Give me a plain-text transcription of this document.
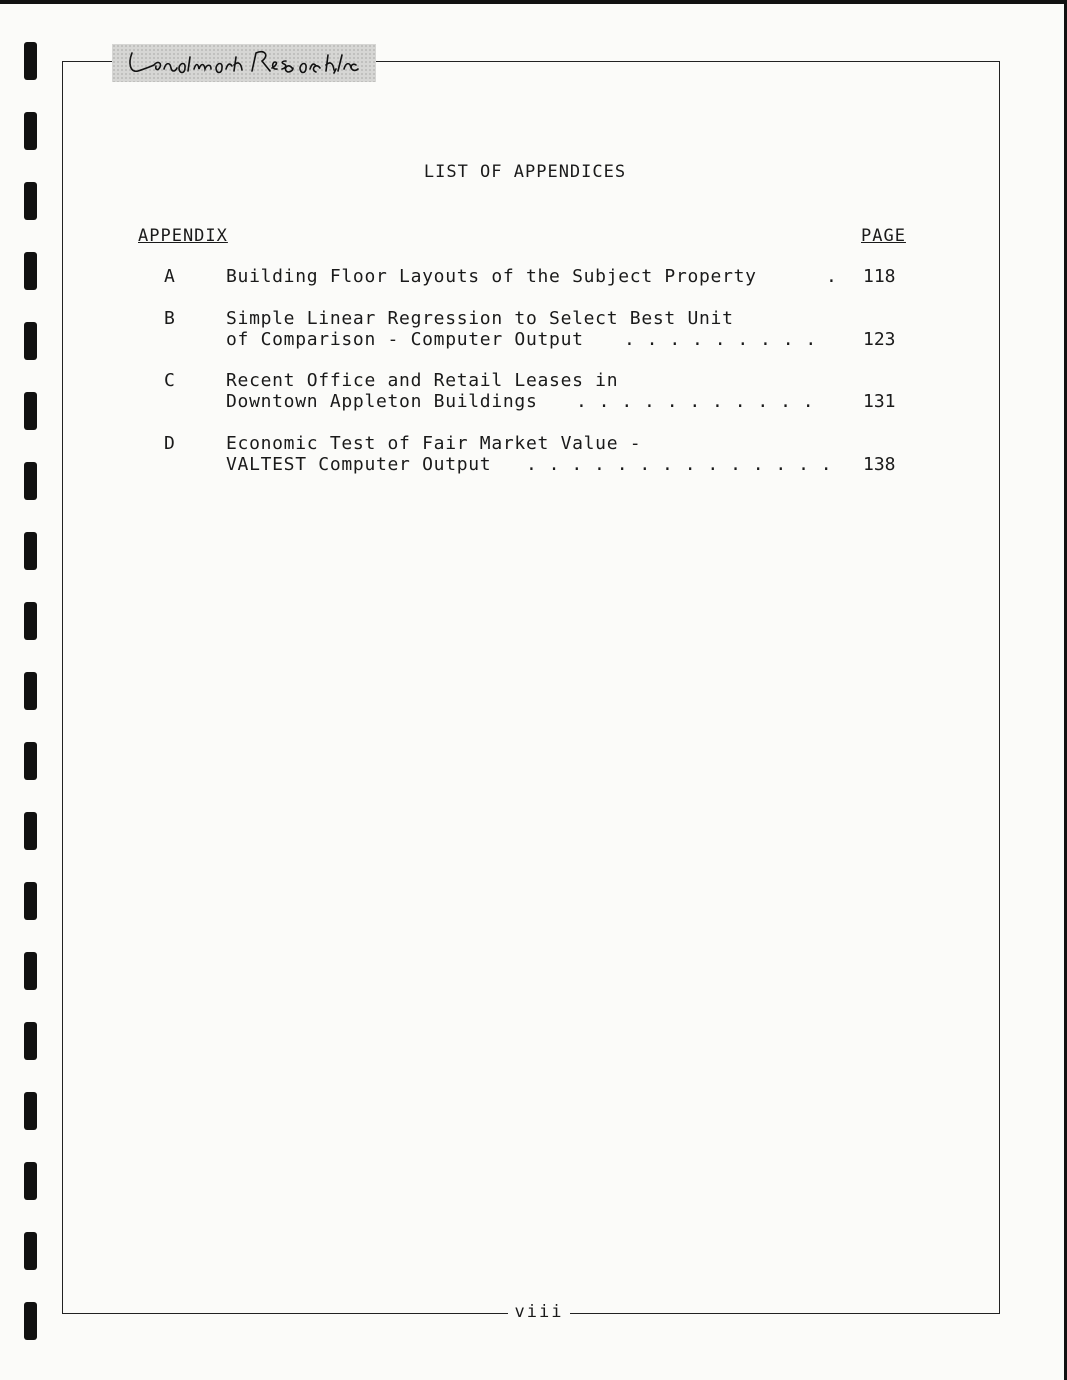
LIST OF APPENDICES
APPENDIX	PAGE
A	Building Floor Layouts of the Subject Property	. 118
B	Simple Linear Regression to Select Best Unit
of Comparison - Computer Output . . . . . . . . .	123
C	Recent Office and Retail Leases in
Downtown Appleton Buildings . . . . . . . . . . .	131
D	Economic Test of Fair Market Value -
VALTEST Computer Output . . . . . . . . . . . . . . 138
viii
